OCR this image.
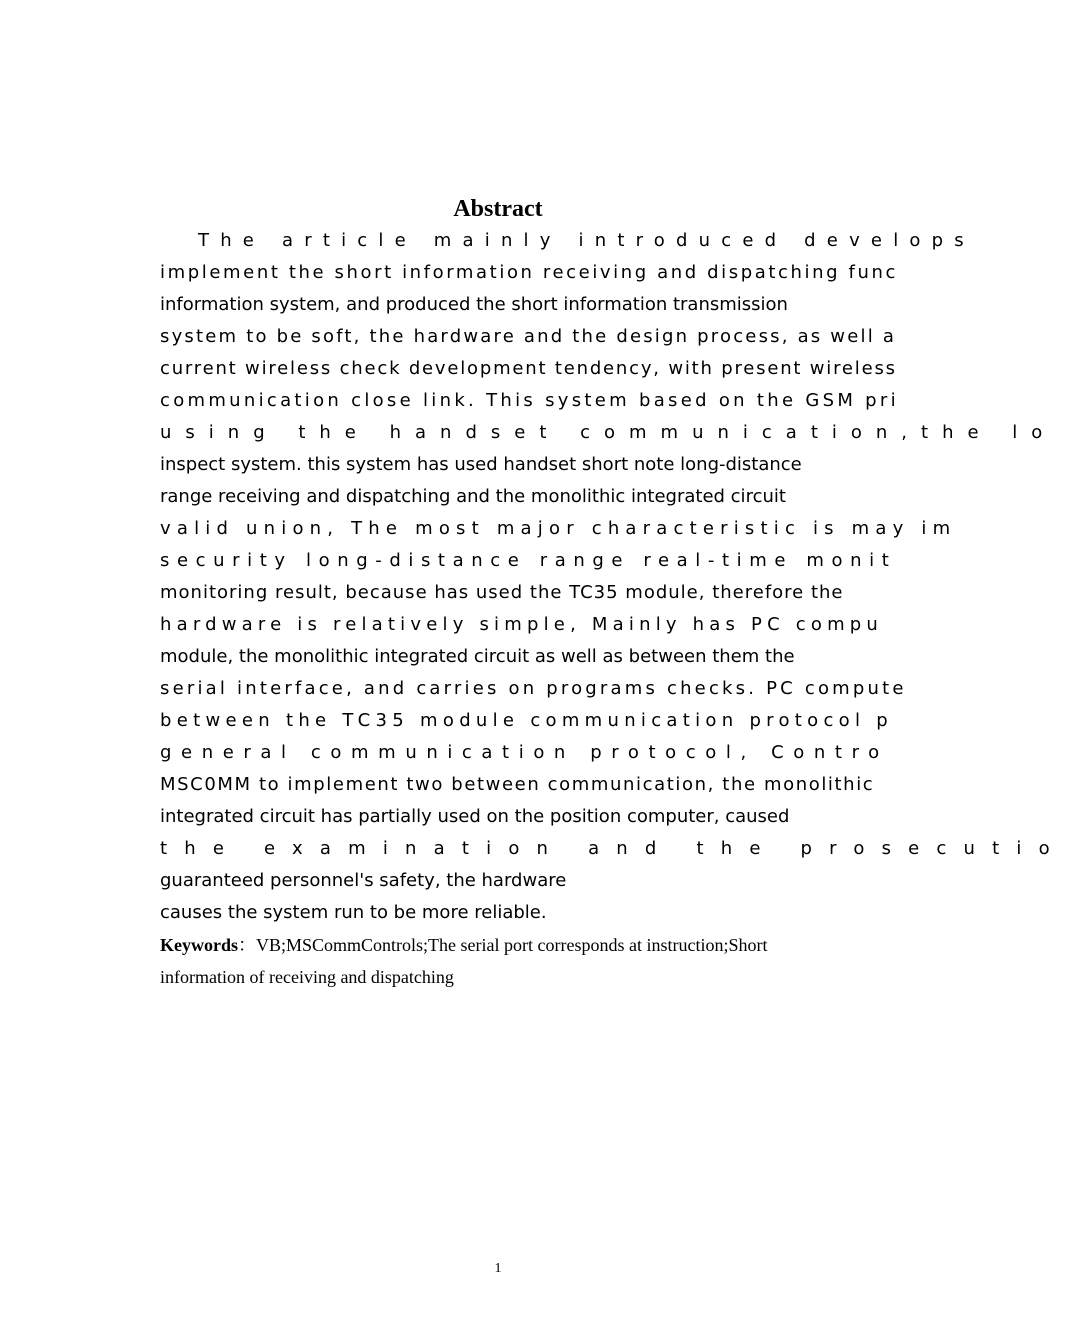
Abstract
The article mainly introduced develops
implement the short information receiving and dispatching func
information system, and produced the short information transmission
system to be soft, the hardware and the design process, as well a
current wireless check development tendency, with present wireless
communication close link. This system based on the GSM pri
using the handset communication,the lo
inspect system. this system has used handset short note long-distance
range receiving and dispatching and the monolithic integrated circuit
valid union, The most major characteristic is may im
security long-distance range real-time monit
monitoring result, because has used the TC35 module, therefore the
hardware is relatively simple, Mainly has PC compu
module, the monolithic integrated circuit as well as between them the
serial interface, and carries on programs checks. PC compute
between the TC35 module communication protocol p
general communication protocol, Contro
MSC0MM to implement two between communication, the monolithic
integrated circuit has partially used on the position computer, caused
the examination and the prosecutio
guaranteed personnel's safety, the hardware
causes the system run to be more reliable.
Keywords：VB;MSCommControls;The serial port corresponds at instruction;Short
information of receiving and dispatching
1
